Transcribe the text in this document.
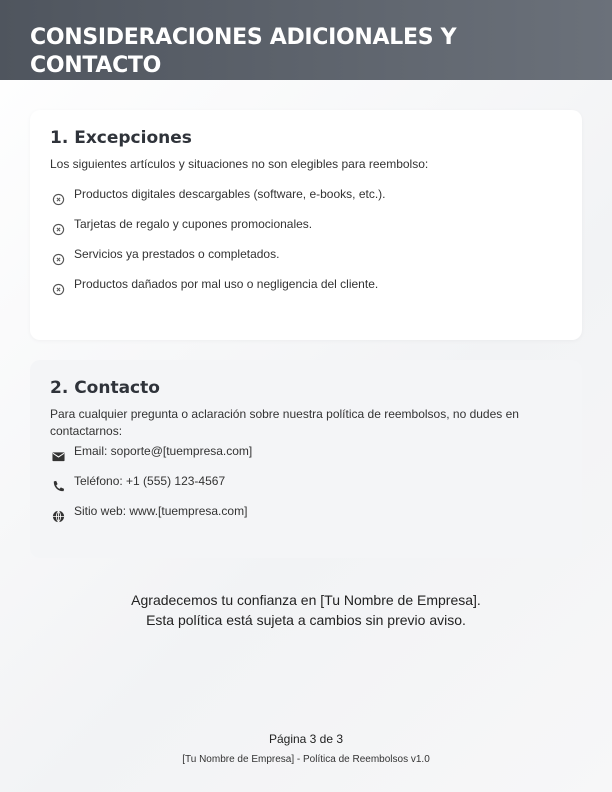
CONSIDERACIONES ADICIONALES Y CONTACTO
1. Excepciones

Los siguientes artículos y situaciones no son elegibles para reembolso:

Productos digitales descargables (software, e-books, etc.).
Tarjetas de regalo y cupones promocionales.
Servicios ya prestados o completados.
Productos dañados por mal uso o negligencia del cliente.
2. Contacto

Para cualquier pregunta o aclaración sobre nuestra política de reembolsos, no dudes en contactarnos:

Email: soporte@[tuempresa.com]
Teléfono: +1 (555) 123-4567
Sitio web: www.[tuempresa.com]
Agradecemos tu confianza en [Tu Nombre de Empresa].
Esta política está sujeta a cambios sin previo aviso.
Página 3 de 3
[Tu Nombre de Empresa] - Política de Reembolsos v1.0
